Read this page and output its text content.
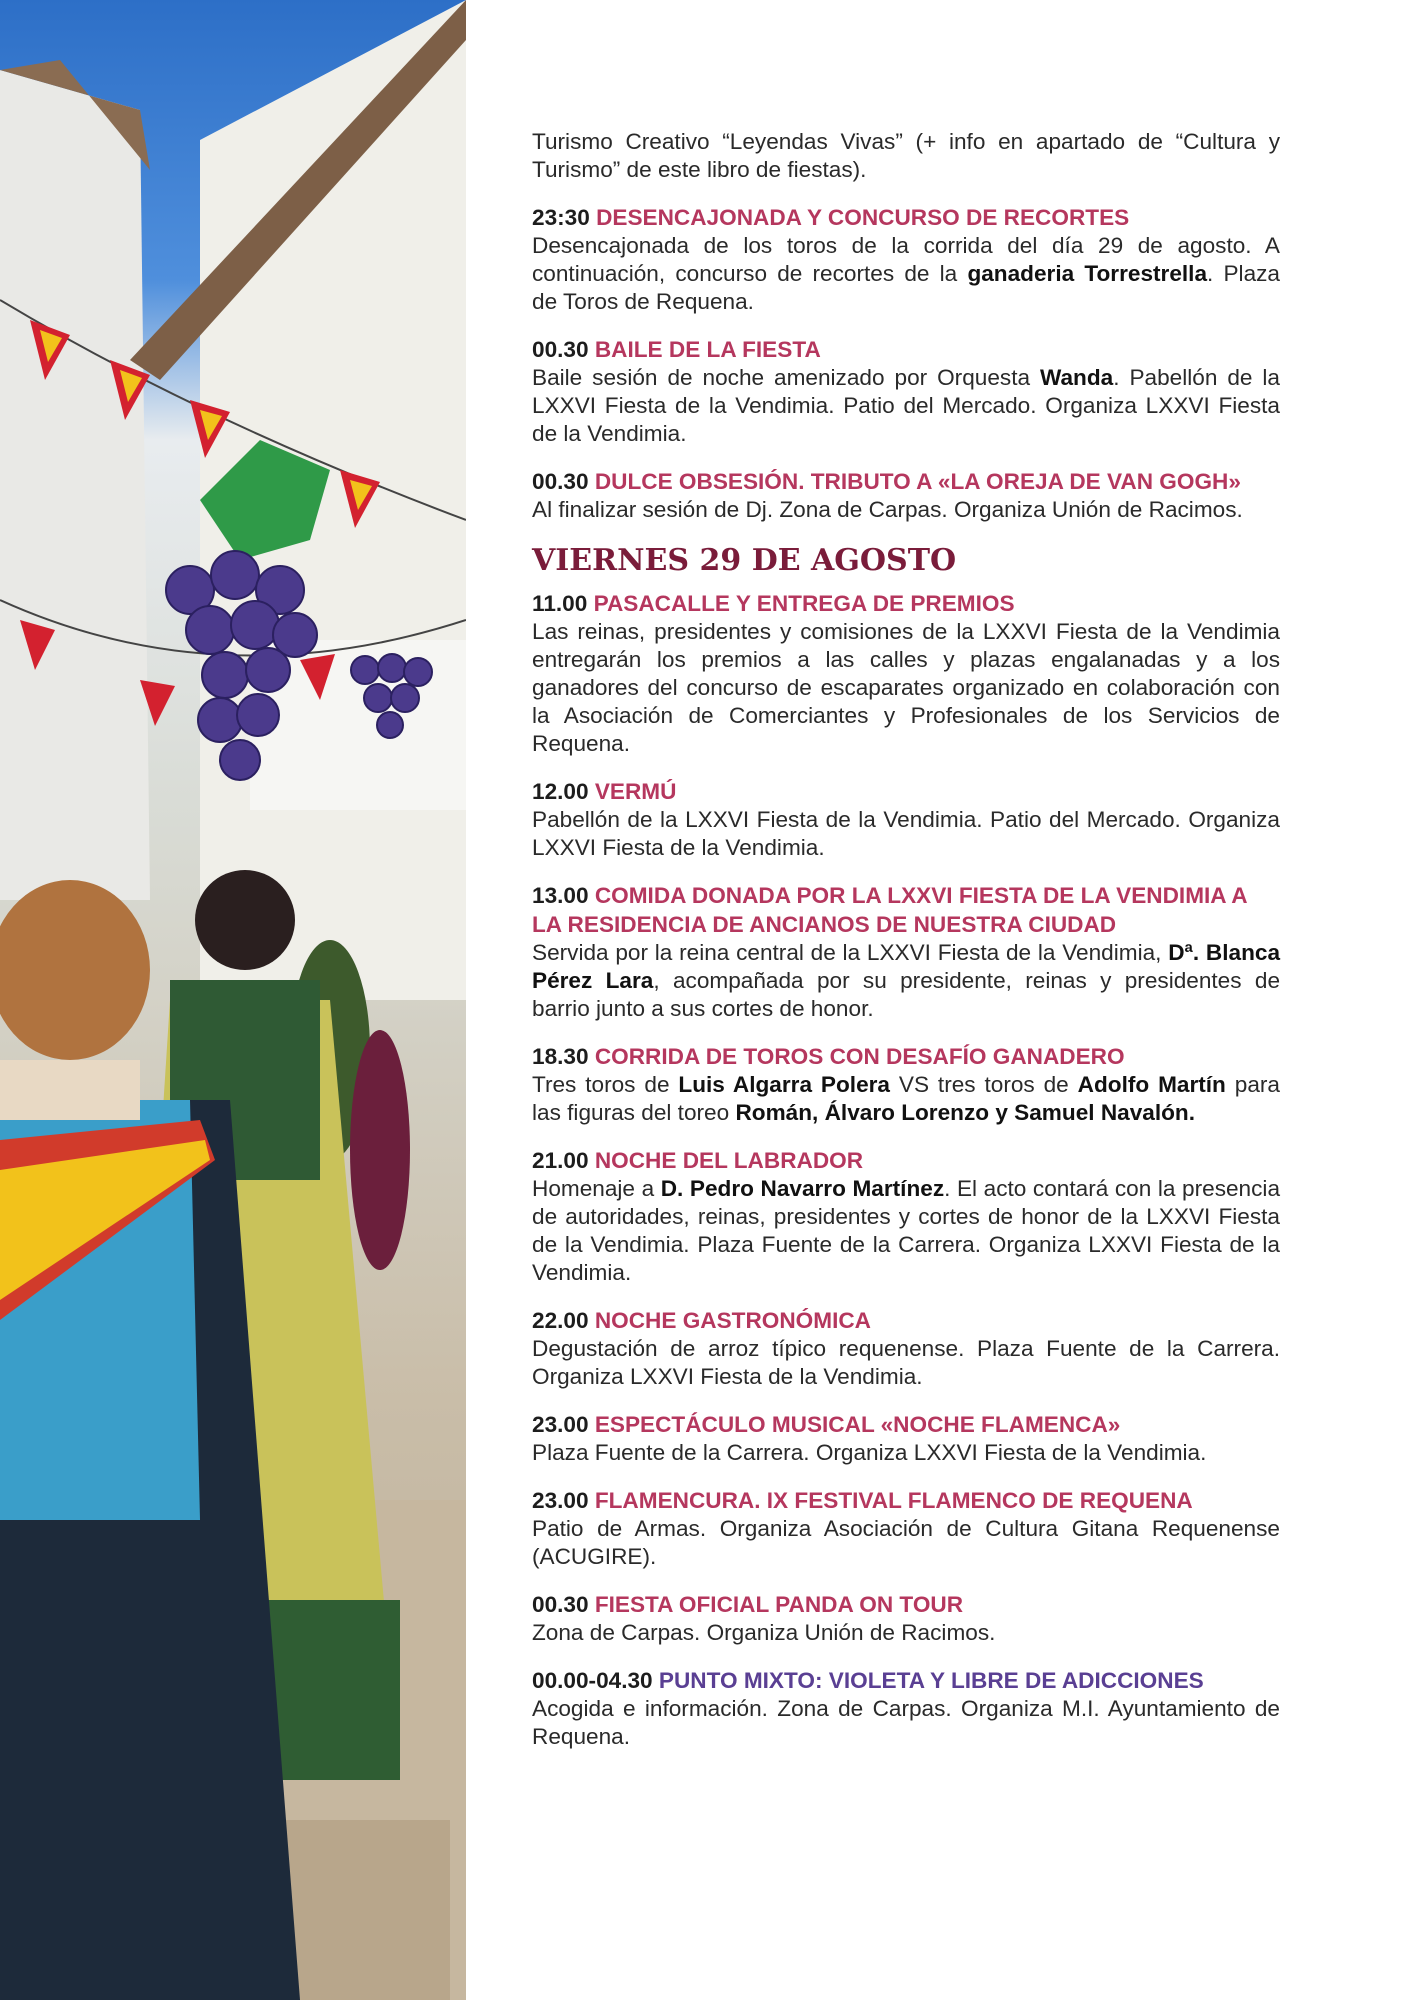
Turismo Creativo “Leyendas Vivas” (+ info en apartado de “Cultura y Turismo” de este libro de fiestas).

23:30 DESENCAJONADA Y CONCURSO DE RECORTES
Desencajonada de los toros de la corrida del día 29 de agosto. A continuación, concurso de recortes de la ganaderia Torrestrella. Plaza de Toros de Requena.
00.30 BAILE DE LA FIESTA
Baile sesión de noche amenizado por Orquesta Wanda. Pabellón de la LXXVI Fiesta de la Vendimia. Patio del Mercado. Organiza LXXVI Fiesta de la Vendimia.
00.30 DULCE OBSESIÓN. TRIBUTO A «LA OREJA DE VAN GOGH»
Al finalizar sesión de Dj. Zona de Carpas. Organiza Unión de Racimos.
VIERNES 29 DE AGOSTO
11.00 PASACALLE Y ENTREGA DE PREMIOS
Las reinas, presidentes y comisiones de la LXXVI Fiesta de la Vendimia entregarán los premios a las calles y plazas engalanadas y a los ganadores del concurso de escaparates organizado en colaboración con la Asociación de Comerciantes y Profesionales de los Servicios de Requena.
12.00 VERMÚ
Pabellón de la LXXVI Fiesta de la Vendimia. Patio del Mercado. Organiza LXXVI Fiesta de la Vendimia.
13.00 COMIDA DONADA POR LA LXXVI FIESTA DE LA VENDIMIA A LA RESIDENCIA DE ANCIANOS DE NUESTRA CIUDAD
Servida por la reina central de la LXXVI Fiesta de la Vendimia, Dª. Blanca Pérez Lara, acompañada por su presidente, reinas y presidentes de barrio junto a sus cortes de honor.
18.30 CORRIDA DE TOROS CON DESAFÍO GANADERO
Tres toros de Luis Algarra Polera VS tres toros de Adolfo Martín para las figuras del toreo Román, Álvaro Lorenzo y Samuel Navalón.
21.00 NOCHE DEL LABRADOR
Homenaje a D. Pedro Navarro Martínez. El acto contará con la presencia de autoridades, reinas, presidentes y cortes de honor de la LXXVI Fiesta de la Vendimia. Plaza Fuente de la Carrera. Organiza LXXVI Fiesta de la Vendimia.
22.00 NOCHE GASTRONÓMICA
Degustación de arroz típico requenense. Plaza Fuente de la Carrera. Organiza LXXVI Fiesta de la Vendimia.
23.00 ESPECTÁCULO MUSICAL «NOCHE FLAMENCA»
Plaza Fuente de la Carrera. Organiza LXXVI Fiesta de la Vendimia.
23.00 FLAMENCURA. IX FESTIVAL FLAMENCO DE REQUENA
Patio de Armas. Organiza Asociación de Cultura Gitana Requenense (ACUGIRE).
00.30 FIESTA OFICIAL PANDA ON TOUR
Zona de Carpas. Organiza Unión de Racimos.
00.00-04.30 PUNTO MIXTO: VIOLETA Y LIBRE DE ADICCIONES
Acogida e información. Zona de Carpas. Organiza M.I. Ayuntamiento de Requena.
